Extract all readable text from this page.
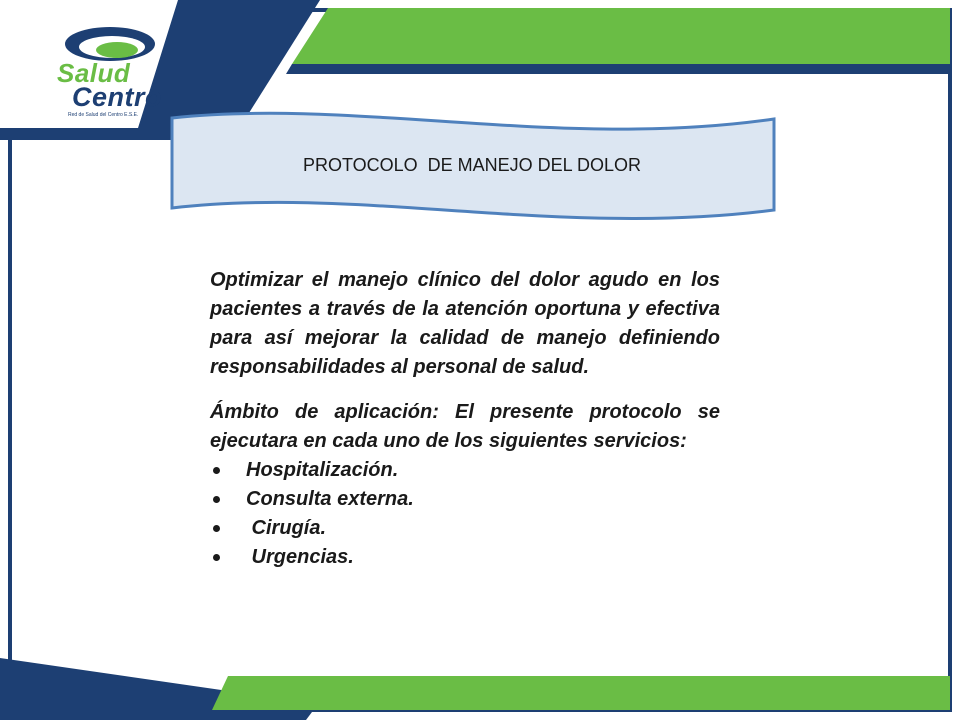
Salud
Centro
Red de Salud del Centro E.S.E.
PROTOCOLO  DE MANEJO DEL DOLOR

Optimizar el manejo clínico del dolor agudo en los pacientes a través de la atención oportuna y efectiva para así mejorar la calidad de manejo definiendo responsabilidades al personal de salud.

Ámbito de aplicación: El presente protocolo se ejecutara en cada uno de los siguientes servicios:

Hospitalización.
Consulta externa.
Cirugía.
Urgencias.
